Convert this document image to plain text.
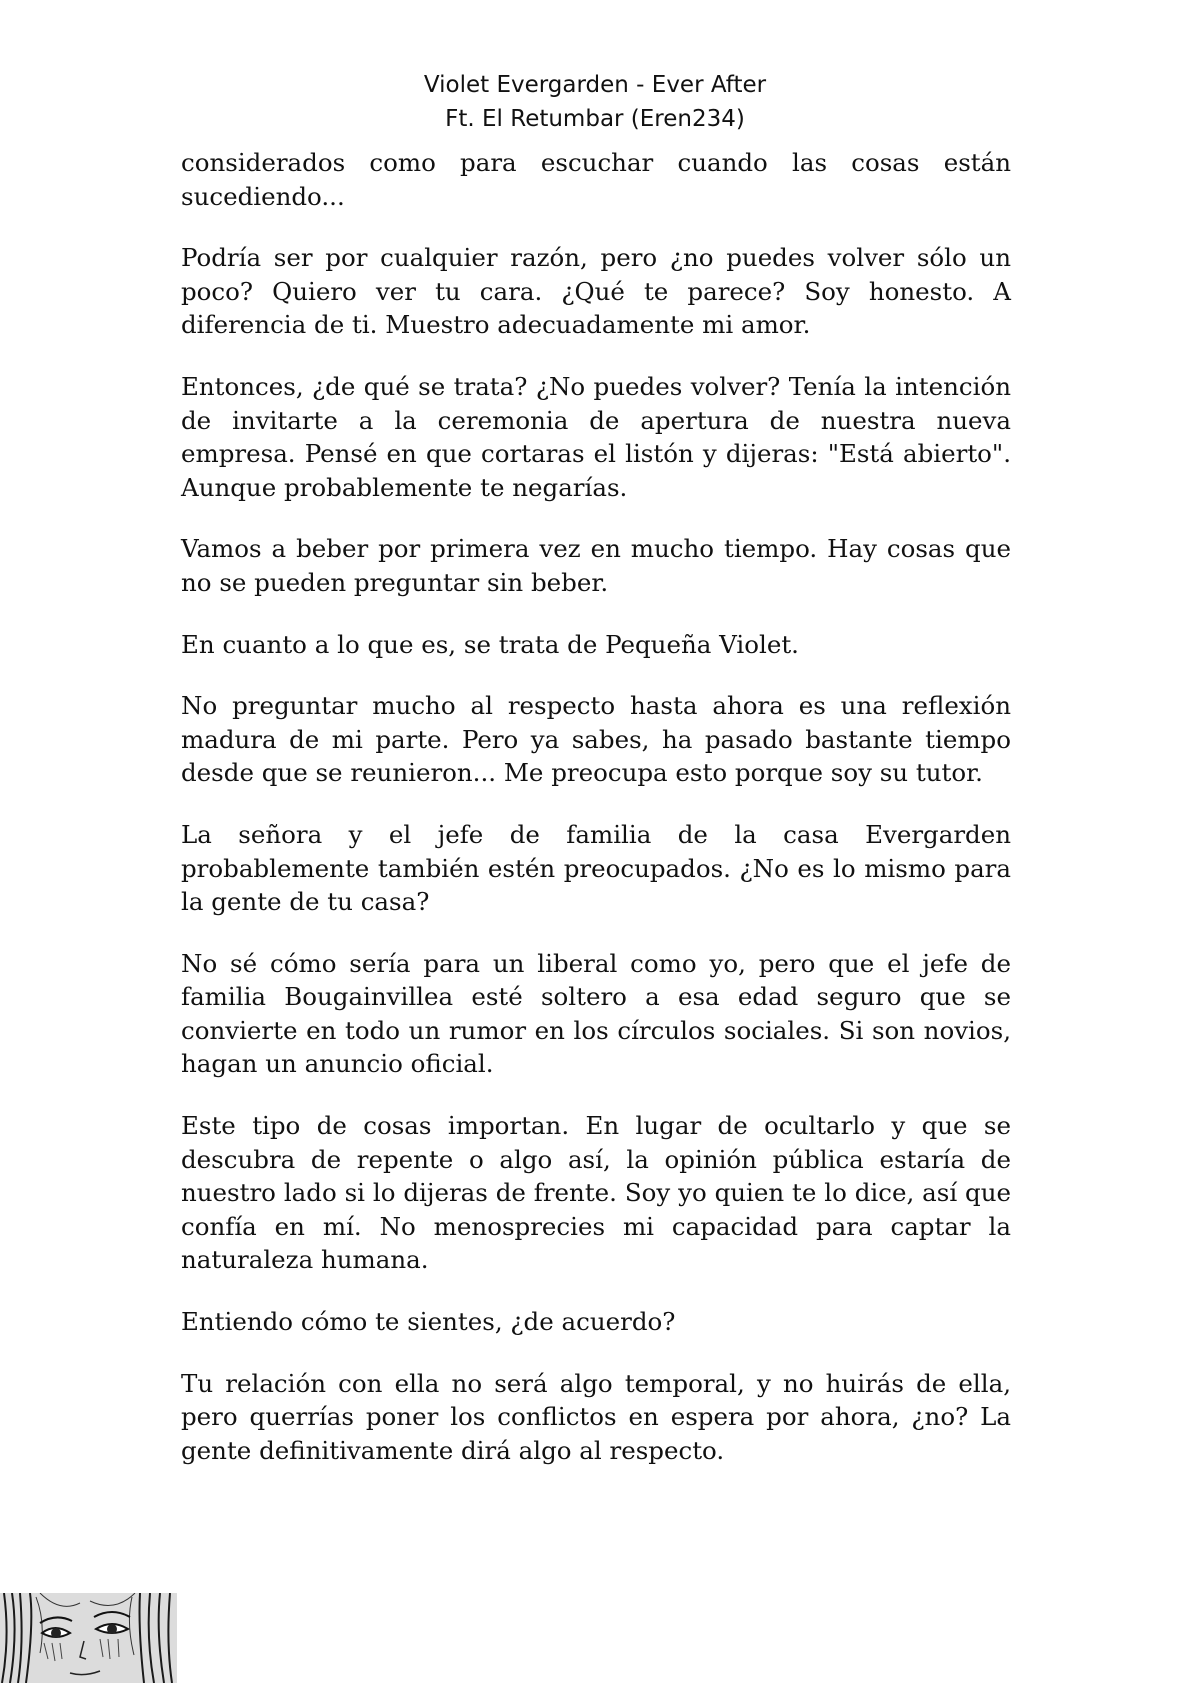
Violet Evergarden - Ever After
Ft. El Retumbar (Eren234)

considerados como para escuchar cuando las cosas están sucediendo...

Podría ser por cualquier razón, pero ¿no puedes volver sólo un poco? Quiero ver tu cara. ¿Qué te parece? Soy honesto. A diferencia de ti. Muestro adecuadamente mi amor.

Entonces, ¿de qué se trata? ¿No puedes volver? Tenía la intención de invitarte a la ceremonia de apertura de nuestra nueva empresa. Pensé en que cortaras el listón y dijeras: "Está abierto". Aunque probablemente te negarías.

Vamos a beber por primera vez en mucho tiempo. Hay cosas que no se pueden preguntar sin beber.

En cuanto a lo que es, se trata de Pequeña Violet.

No preguntar mucho al respecto hasta ahora es una reflexión madura de mi parte. Pero ya sabes, ha pasado bastante tiempo desde que se reunieron... Me preocupa esto porque soy su tutor.

La señora y el jefe de familia de la casa Evergarden probablemente también estén preocupados. ¿No es lo mismo para la gente de tu casa?

No sé cómo sería para un liberal como yo, pero que el jefe de familia Bougainvillea esté soltero a esa edad seguro que se convierte en todo un rumor en los círculos sociales. Si son novios, hagan un anuncio oficial.

Este tipo de cosas importan. En lugar de ocultarlo y que se descubra de repente o algo así, la opinión pública estaría de nuestro lado si lo dijeras de frente. Soy yo quien te lo dice, así que confía en mí. No menosprecies mi capacidad para captar la naturaleza humana.

Entiendo cómo te sientes, ¿de acuerdo?

Tu relación con ella no será algo temporal, y no huirás de ella, pero querrías poner los conflictos en espera por ahora, ¿no? La gente definitivamente dirá algo al respecto.
